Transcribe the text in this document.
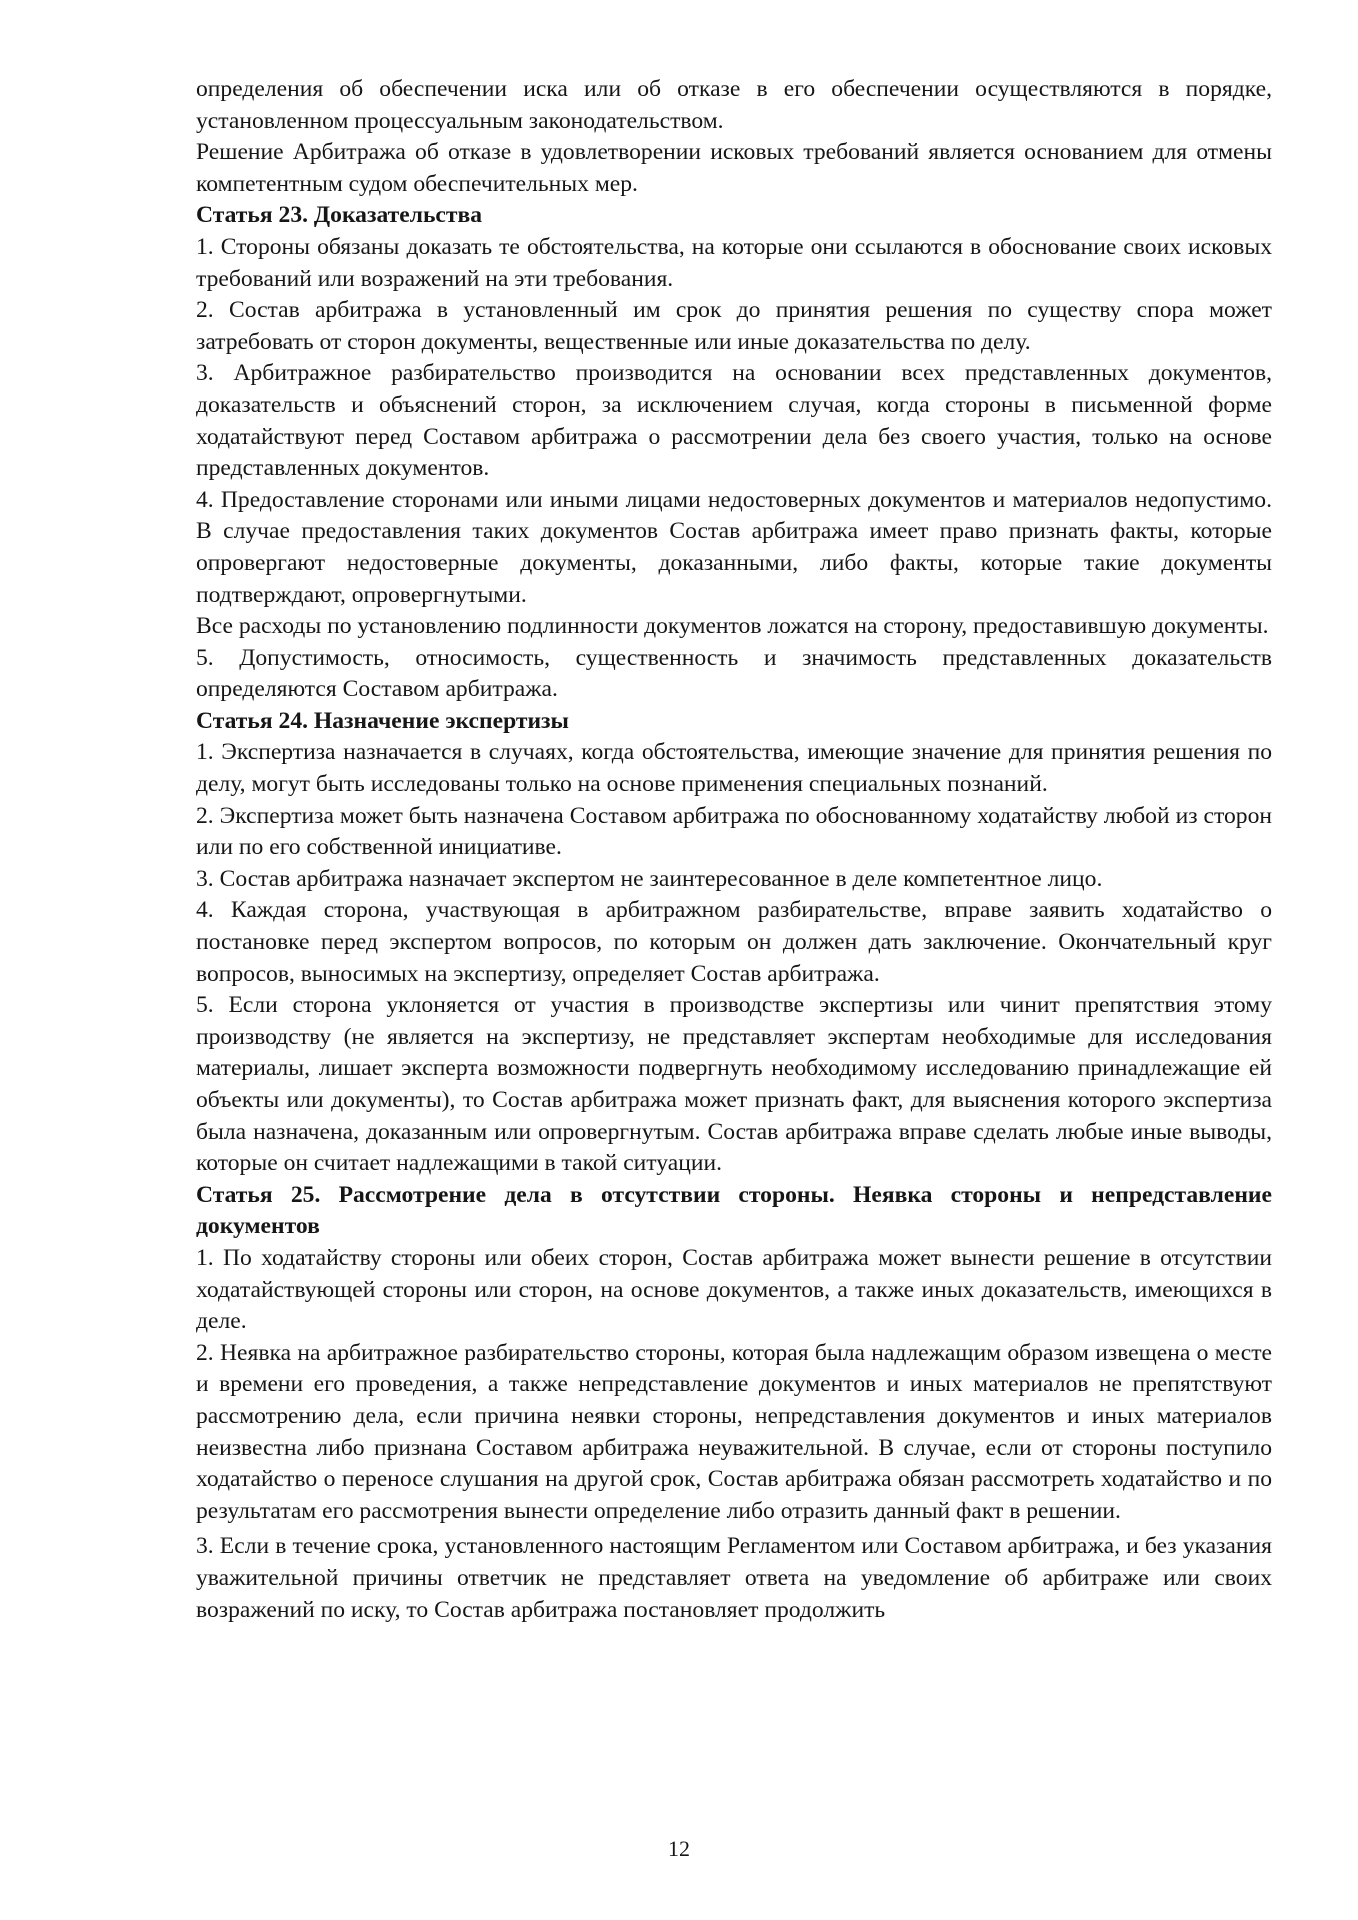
определения об обеспечении иска или об отказе в его обеспечении осуществляются в порядке, установленном процессуальным законодательством.

Решение Арбитража об отказе в удовлетворении исковых требований является основанием для отмены компетентным судом обеспечительных мер.

Статья 23. Доказательства

1. Стороны обязаны доказать те обстоятельства, на которые они ссылаются в обоснование своих исковых требований или возражений на эти требования.

2. Состав арбитража в установленный им срок до принятия решения по существу спора может затребовать от сторон документы, вещественные или иные доказательства по делу.

3. Арбитражное разбирательство производится на основании всех представленных документов, доказательств и объяснений сторон, за исключением случая, когда стороны в письменной форме ходатайствуют перед Составом арбитража о рассмотрении дела без своего участия, только на основе представленных документов.

4. Предоставление сторонами или иными лицами недостоверных документов и материалов недопустимо. В случае предоставления таких документов Состав арбитража имеет право признать факты, которые опровергают недостоверные документы, доказанными, либо факты, которые такие документы подтверждают, опровергнутыми.

Все расходы по установлению подлинности документов ложатся на сторону, предоставившую документы.

5. Допустимость, относимость, существенность и значимость представленных доказательств определяются Составом арбитража.

Статья 24. Назначение экспертизы

1. Экспертиза назначается в случаях, когда обстоятельства, имеющие значение для принятия решения по делу, могут быть исследованы только на основе применения специальных познаний.

2. Экспертиза может быть назначена Составом арбитража по обоснованному ходатайству любой из сторон или по его собственной инициативе.

3. Состав арбитража назначает экспертом не заинтересованное в деле компетентное лицо.

4. Каждая сторона, участвующая в арбитражном разбирательстве, вправе заявить ходатайство о постановке перед экспертом вопросов, по которым он должен дать заключение. Окончательный круг вопросов, выносимых на экспертизу, определяет Состав арбитража.

5. Если сторона уклоняется от участия в производстве экспертизы или чинит препятствия этому производству (не является на экспертизу, не представляет экспертам необходимые для исследования материалы, лишает эксперта возможности подвергнуть необходимому исследованию принадлежащие ей объекты или документы), то Состав арбитража может признать факт, для выяснения которого экспертиза была назначена, доказанным или опровергнутым. Состав арбитража вправе сделать любые иные выводы, которые он считает надлежащими в такой ситуации.

Статья 25. Рассмотрение дела в отсутствии стороны. Неявка стороны и непредставление документов

1. По ходатайству стороны или обеих сторон, Состав арбитража может вынести решение в отсутствии ходатайствующей стороны или сторон, на основе документов, а также иных доказательств, имеющихся в деле.

2. Неявка на арбитражное разбирательство стороны, которая была надлежащим образом извещена о месте и времени его проведения, а также непредставление документов и иных материалов не препятствуют рассмотрению дела, если причина неявки стороны, непредставления документов и иных материалов неизвестна либо признана Составом арбитража неуважительной. В случае, если от стороны поступило ходатайство о переносе слушания на другой срок, Состав арбитража обязан рассмотреть ходатайство и по результатам его рассмотрения вынести определение либо отразить данный факт в решении.

3. Если в течение срока, установленного настоящим Регламентом или Составом арбитража, и без указания уважительной причины ответчик не представляет ответа на уведомление об арбитраже или своих возражений по иску, то Состав арбитража постановляет продолжить

12
